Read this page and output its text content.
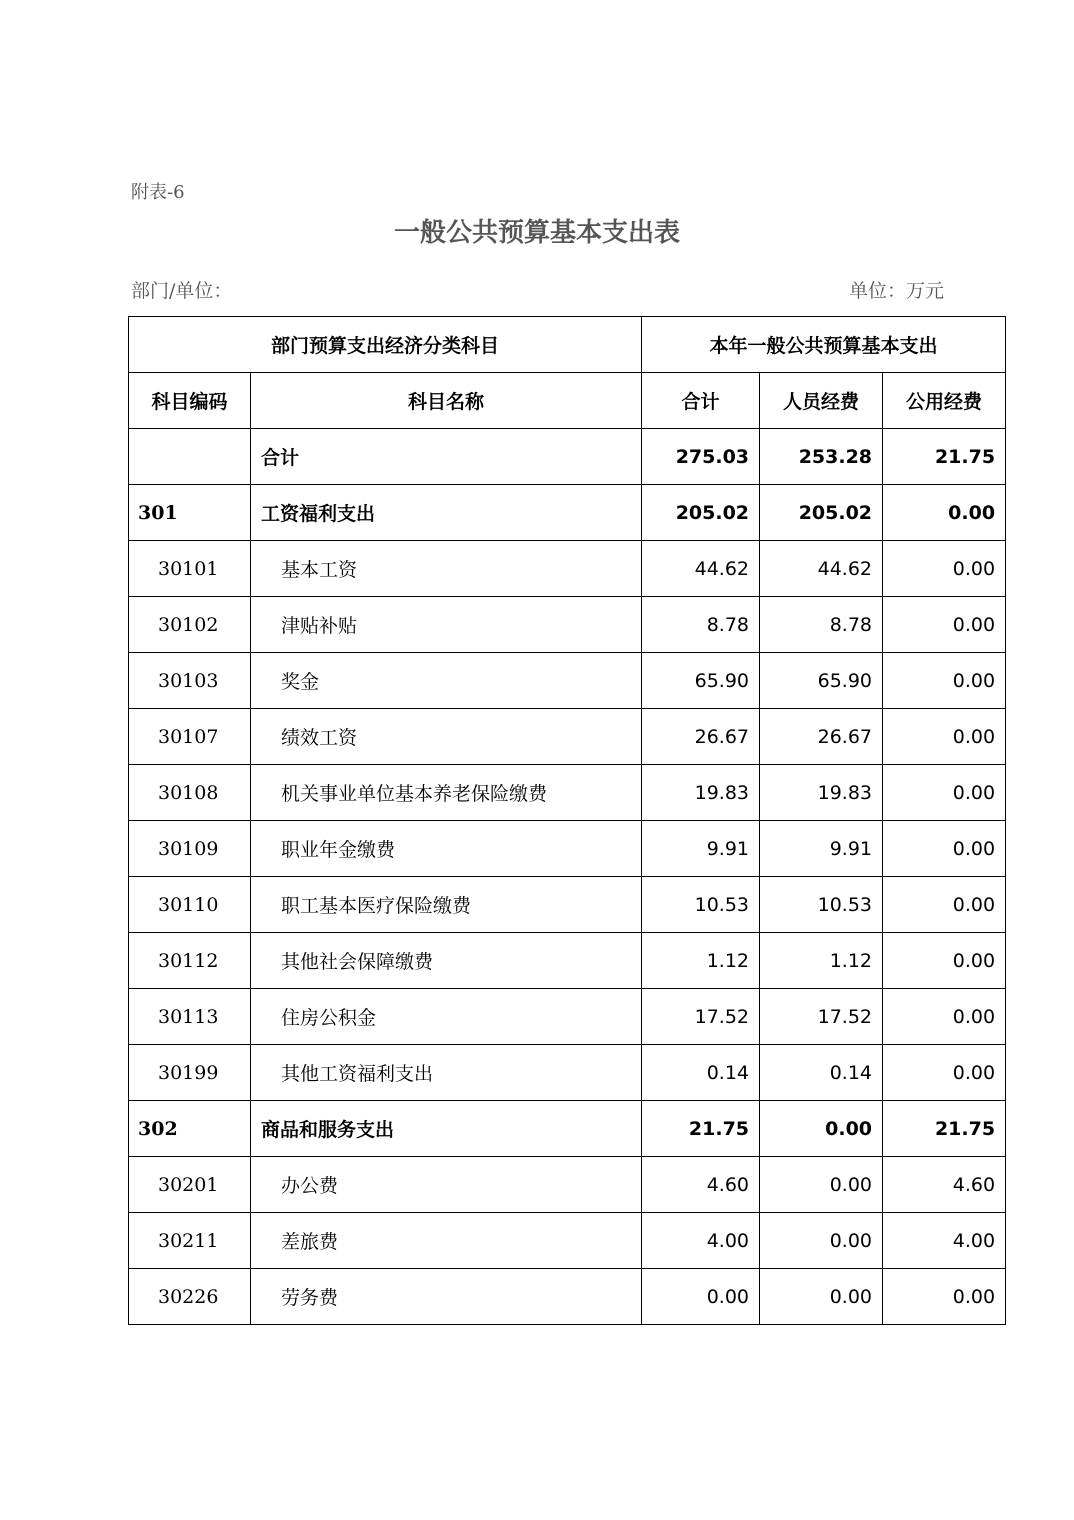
附表-6
一般公共预算基本支出表
部门/单位：	单位：万元
部门预算支出经济分类科目		本年一般公共预算基本支出		
科目编码	科目名称	合计	人员经费	公用经费
	合计	275.03	253.28	21.75
301	工资福利支出	205.02	205.02	0.00
30101	基本工资	44.62	44.62	0.00
30102	津贴补贴	8.78	8.78	0.00
30103	奖金	65.90	65.90	0.00
30107	绩效工资	26.67	26.67	0.00
30108	机关事业单位基本养老保险缴费	19.83	19.83	0.00
30109	职业年金缴费	9.91	9.91	0.00
30110	职工基本医疗保险缴费	10.53	10.53	0.00
30112	其他社会保障缴费	1.12	1.12	0.00
30113	住房公积金	17.52	17.52	0.00
30199	其他工资福利支出	0.14	0.14	0.00
302	商品和服务支出	21.75	0.00	21.75
30201	办公费	4.60	0.00	4.60
30211	差旅费	4.00	0.00	4.00
30226	劳务费	0.00	0.00	0.00
